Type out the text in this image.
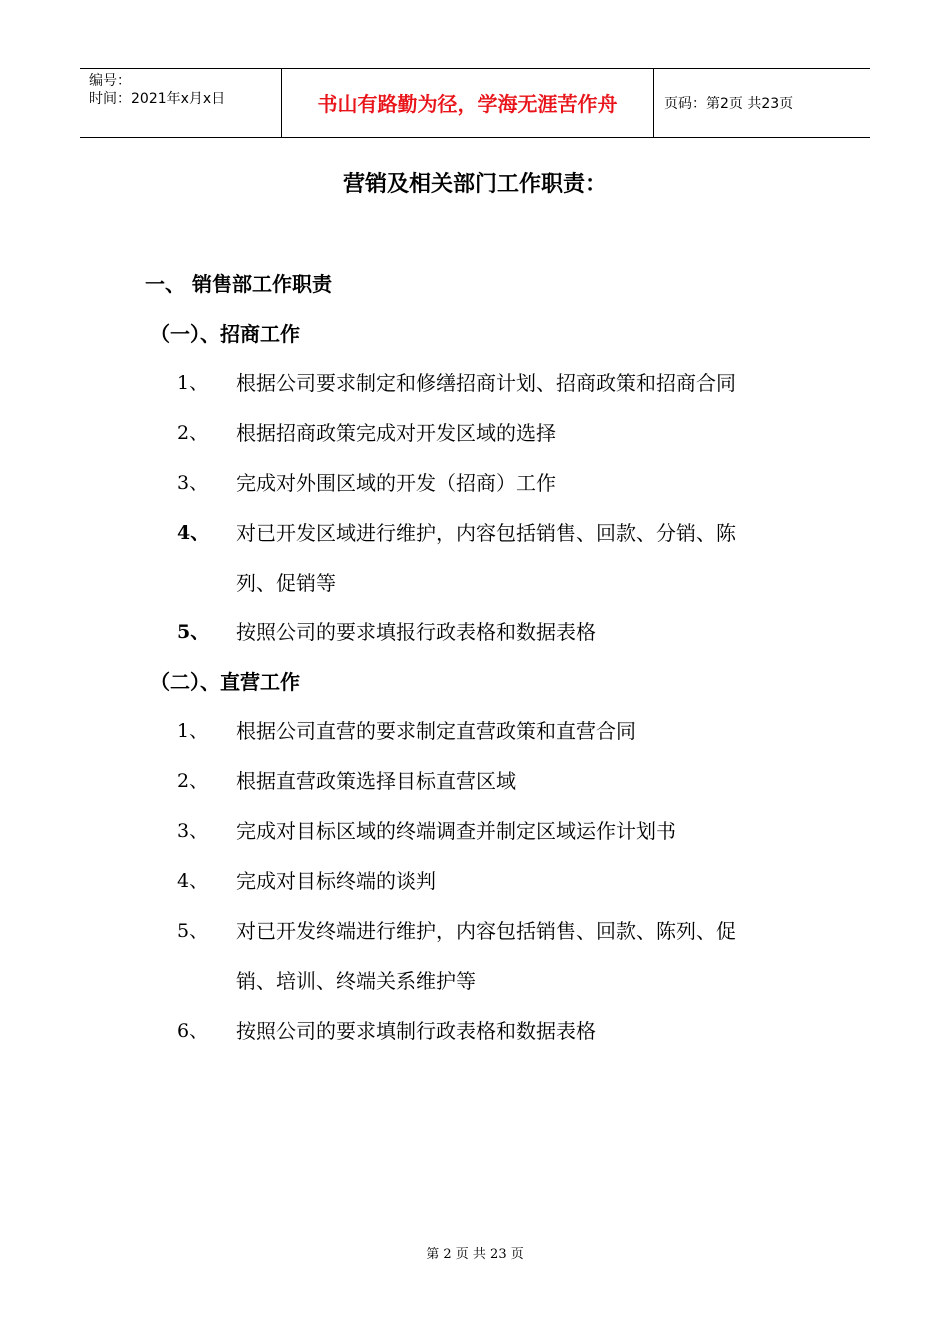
编号：
时间：2021年x月x日	书山有路勤为径，学海无涯苦作舟	页码：第2页 共23页
营销及相关部门工作职责：
一、 销售部工作职责
（一）、招商工作
1、 根据公司要求制定和修缮招商计划、招商政策和招商合同
2、 根据招商政策完成对开发区域的选择
3、 完成对外围区域的开发（招商）工作
4、 对已开发区域进行维护，内容包括销售、回款、分销、陈
列、促销等
5、 按照公司的要求填报行政表格和数据表格
（二）、直营工作
1、 根据公司直营的要求制定直营政策和直营合同
2、 根据直营政策选择目标直营区域
3、 完成对目标区域的终端调查并制定区域运作计划书
4、 完成对目标终端的谈判
5、 对已开发终端进行维护，内容包括销售、回款、陈列、促
销、培训、终端关系维护等
6、 按照公司的要求填制行政表格和数据表格
第 2 页 共 23 页
